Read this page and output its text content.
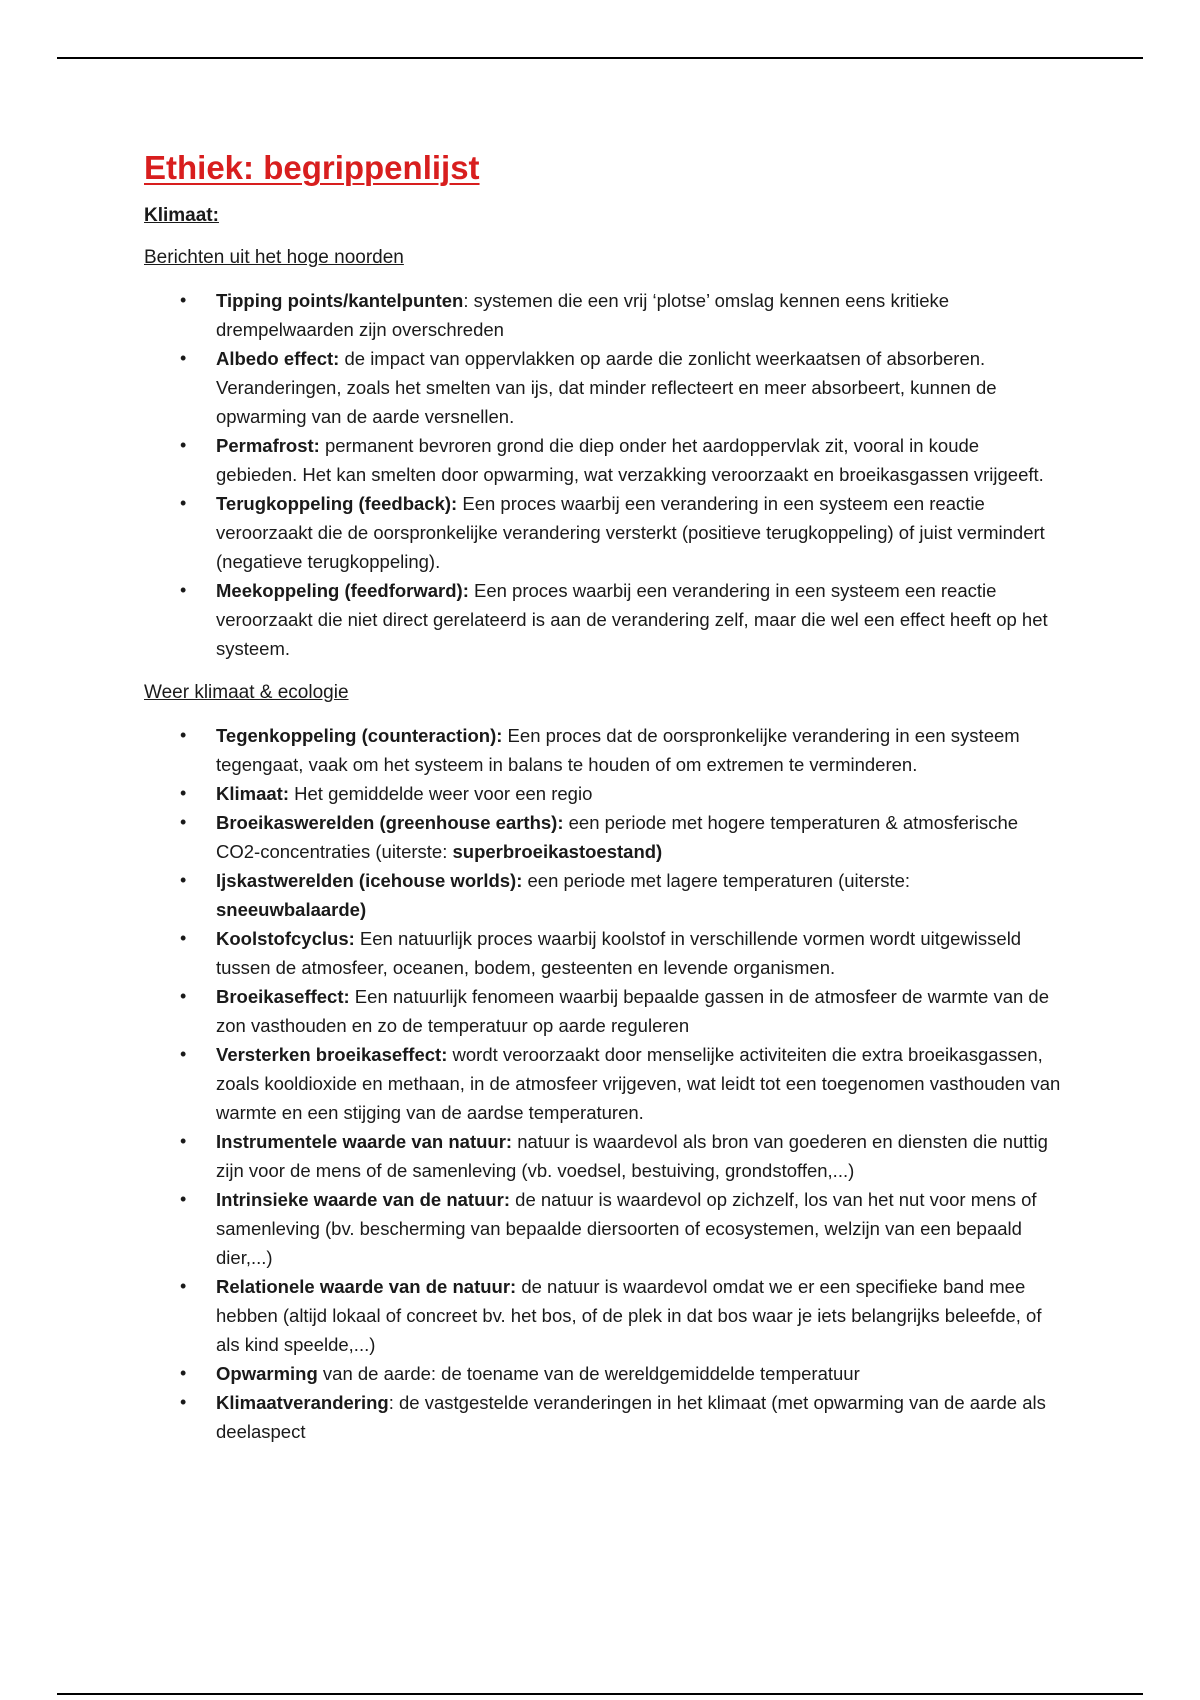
Ethiek: begrippenlijst
Klimaat:
Berichten uit het hoge noorden
• Tipping points/kantelpunten: systemen die een vrij ‘plotse’ omslag kennen eens kritieke drempelwaarden zijn overschreden
• Albedo effect: de impact van oppervlakken op aarde die zonlicht weerkaatsen of absorberen. Veranderingen, zoals het smelten van ijs, dat minder reflecteert en meer absorbeert, kunnen de opwarming van de aarde versnellen.
• Permafrost: permanent bevroren grond die diep onder het aardoppervlak zit, vooral in koude gebieden. Het kan smelten door opwarming, wat verzakking veroorzaakt en broeikasgassen vrijgeeft.
• Terugkoppeling (feedback): Een proces waarbij een verandering in een systeem een reactie veroorzaakt die de oorspronkelijke verandering versterkt (positieve terugkoppeling) of juist vermindert (negatieve terugkoppeling).
• Meekoppeling (feedforward): Een proces waarbij een verandering in een systeem een reactie veroorzaakt die niet direct gerelateerd is aan de verandering zelf, maar die wel een effect heeft op het systeem.
Weer klimaat & ecologie
• Tegenkoppeling (counteraction): Een proces dat de oorspronkelijke verandering in een systeem tegengaat, vaak om het systeem in balans te houden of om extremen te verminderen.
• Klimaat: Het gemiddelde weer voor een regio
• Broeikaswerelden (greenhouse earths): een periode met hogere temperaturen & atmosferische CO2-concentraties (uiterste: superbroeikastoestand)
• Ijskastwerelden (icehouse worlds): een periode met lagere temperaturen (uiterste: sneeuwbalaarde)
• Koolstofcyclus: Een natuurlijk proces waarbij koolstof in verschillende vormen wordt uitgewisseld tussen de atmosfeer, oceanen, bodem, gesteenten en levende organismen.
• Broeikaseffect: Een natuurlijk fenomeen waarbij bepaalde gassen in de atmosfeer de warmte van de zon vasthouden en zo de temperatuur op aarde reguleren
• Versterken broeikaseffect: wordt veroorzaakt door menselijke activiteiten die extra broeikasgassen, zoals kooldioxide en methaan, in de atmosfeer vrijgeven, wat leidt tot een toegenomen vasthouden van warmte en een stijging van de aardse temperaturen.
• Instrumentele waarde van natuur: natuur is waardevol als bron van goederen en diensten die nuttig zijn voor de mens of de samenleving (vb. voedsel, bestuiving, grondstoffen,...)
• Intrinsieke waarde van de natuur: de natuur is waardevol op zichzelf, los van het nut voor mens of samenleving (bv. bescherming van bepaalde diersoorten of ecosystemen, welzijn van een bepaald dier,...)
• Relationele waarde van de natuur: de natuur is waardevol omdat we er een specifieke band mee hebben (altijd lokaal of concreet bv. het bos, of de plek in dat bos waar je iets belangrijks beleefde, of als kind speelde,...)
• Opwarming van de aarde: de toename van de wereldgemiddelde temperatuur
• Klimaatverandering: de vastgestelde veranderingen in het klimaat (met opwarming van de aarde als deelaspect
